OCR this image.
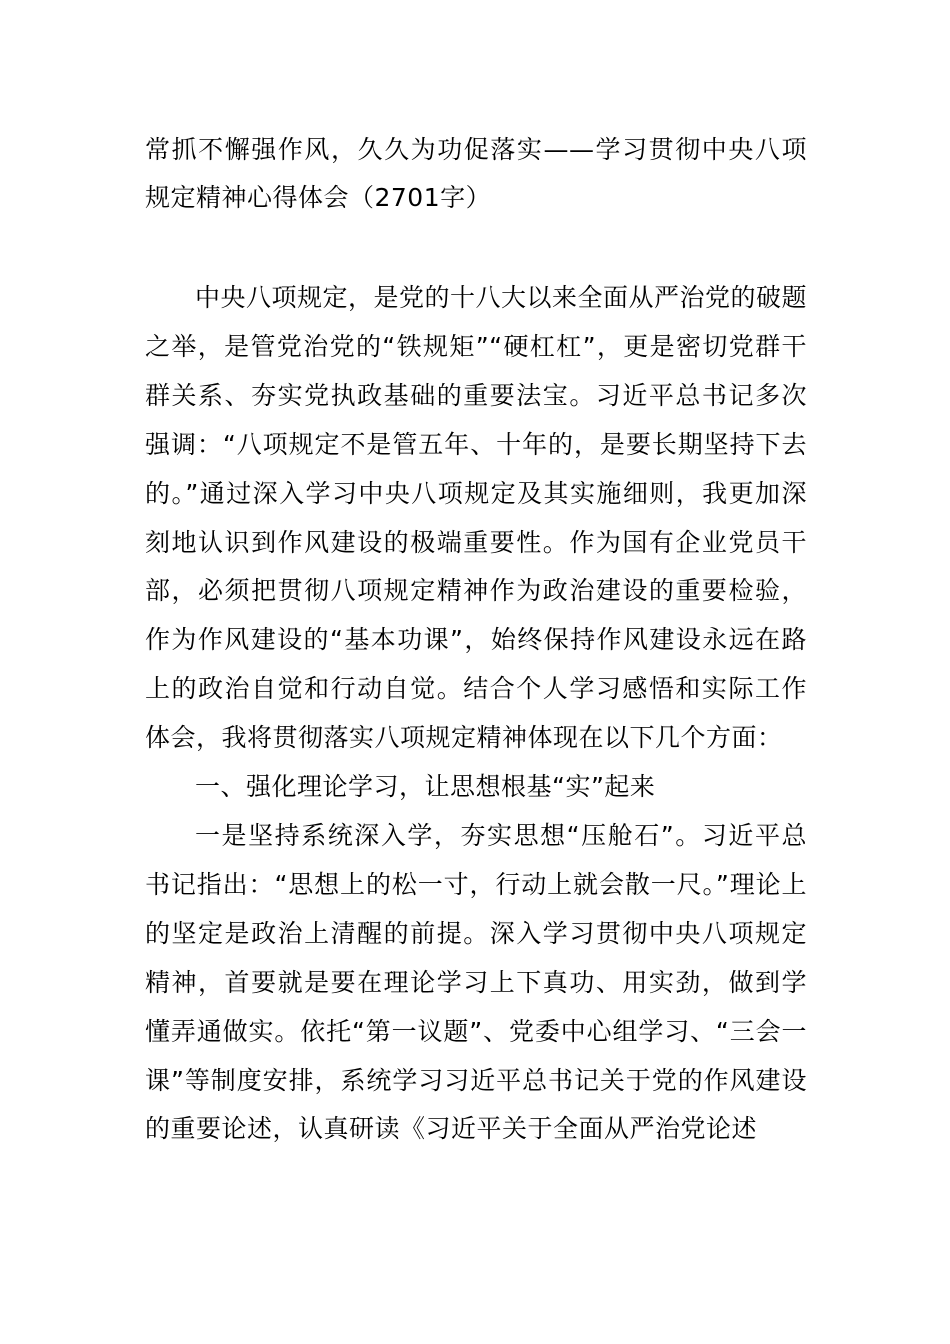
常抓不懈强作风，久久为功促落实——学习贯彻中央八项规定精神心得体会（2701字）

中央八项规定，是党的十八大以来全面从严治党的破题之举，是管党治党的“铁规矩”“硬杠杠”，更是密切党群干群关系、夯实党执政基础的重要法宝。习近平总书记多次强调：“八项规定不是管五年、十年的，是要长期坚持下去的。”通过深入学习中央八项规定及其实施细则，我更加深刻地认识到作风建设的极端重要性。作为国有企业党员干部，必须把贯彻八项规定精神作为政治建设的重要检验，作为作风建设的“基本功课”，始终保持作风建设永远在路上的政治自觉和行动自觉。结合个人学习感悟和实际工作体会，我将贯彻落实八项规定精神体现在以下几个方面：

一、强化理论学习，让思想根基“实”起来

一是坚持系统深入学，夯实思想“压舱石”。习近平总书记指出：“思想上的松一寸，行动上就会散一尺。”理论上的坚定是政治上清醒的前提。深入学习贯彻中央八项规定精神，首要就是要在理论学习上下真功、用实劲，做到学懂弄通做实。依托“第一议题”、党委中心组学习、“三会一课”等制度安排，系统学习习近平总书记关于党的作风建设的重要论述，认真研读《习近平关于全面从严治党论述
